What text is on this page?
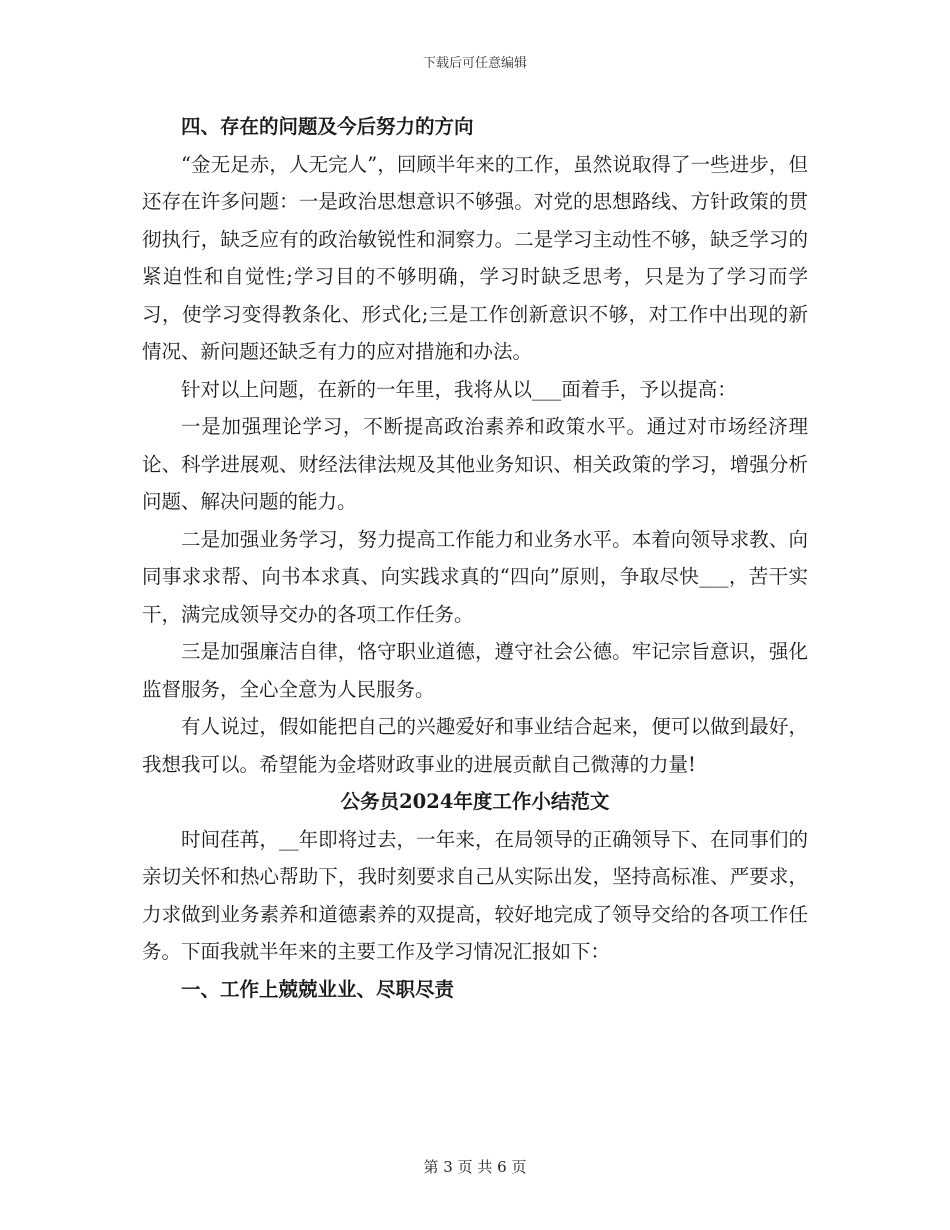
下载后可任意编辑
四、存在的问题及今后努力的方向

“金无足赤，人无完人”，回顾半年来的工作，虽然说取得了一些进步，但还存在许多问题：一是政治思想意识不够强。对党的思想路线、方针政策的贯彻执行，缺乏应有的政治敏锐性和洞察力。二是学习主动性不够，缺乏学习的紧迫性和自觉性;学习目的不够明确，学习时缺乏思考，只是为了学习而学习，使学习变得教条化、形式化;三是工作创新意识不够，对工作中出现的新情况、新问题还缺乏有力的应对措施和办法。

针对以上问题，在新的一年里，我将从以___面着手，予以提高：

一是加强理论学习，不断提高政治素养和政策水平。通过对市场经济理论、科学进展观、财经法律法规及其他业务知识、相关政策的学习，增强分析问题、解决问题的能力。

二是加强业务学习，努力提高工作能力和业务水平。本着向领导求教、向同事求求帮、向书本求真、向实践求真的“四向”原则，争取尽快___，苦干实干，满完成领导交办的各项工作任务。

三是加强廉洁自律，恪守职业道德，遵守社会公德。牢记宗旨意识，强化监督服务，全心全意为人民服务。

有人说过，假如能把自己的兴趣爱好和事业结合起来，便可以做到最好，我想我可以。希望能为金塔财政事业的进展贡献自己微薄的力量!

公务员2024年度工作小结范文

时间荏苒，__年即将过去，一年来，在局领导的正确领导下、在同事们的亲切关怀和热心帮助下，我时刻要求自己从实际出发，坚持高标准、严要求，力求做到业务素养和道德素养的双提高，较好地完成了领导交给的各项工作任务。下面我就半年来的主要工作及学习情况汇报如下：

一、工作上兢兢业业、尽职尽责
第 3 页 共 6 页
